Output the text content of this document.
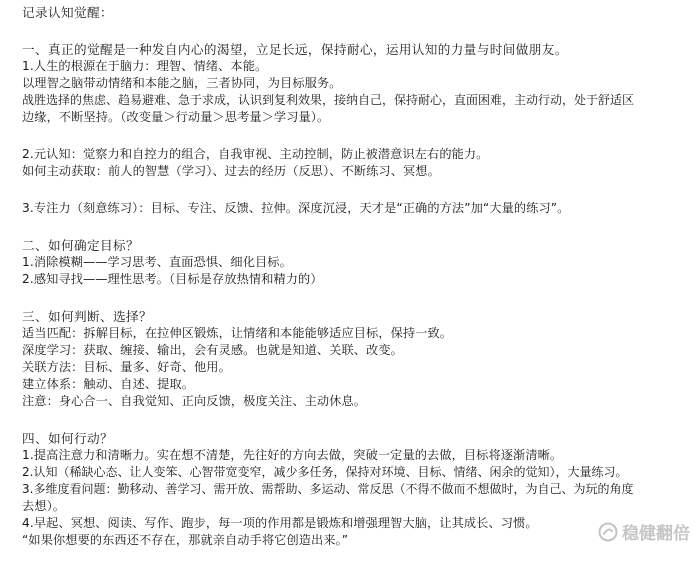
记录认知觉醒：
一、真正的觉醒是一种发自内心的渴望，立足长远，保持耐心，运用认知的力量与时间做朋友。
1.人生的根源在于脑力：理智、情绪、本能。
以理智之脑带动情绪和本能之脑，三者协同，为目标服务。
战胜选择的焦虑、趋易避难、急于求成，认识到复利效果，接纳自己，保持耐心，直面困难，主动行动，处于舒适区
边缘，不断坚持。（改变量＞行动量＞思考量＞学习量）。
2.元认知：觉察力和自控力的组合，自我审视、主动控制，防止被潜意识左右的能力。
如何主动获取：前人的智慧（学习）、过去的经历（反思）、不断练习、冥想。
3.专注力（刻意练习）：目标、专注、反馈、拉伸。深度沉浸，天才是“正确的方法”加“大量的练习”。
二、如何确定目标？
1.消除模糊——学习思考、直面恐惧、细化目标。
2.感知寻找——理性思考。（目标是存放热情和精力的）
三、如何判断、选择？
适当匹配：拆解目标，在拉伸区锻炼，让情绪和本能能够适应目标，保持一致。
深度学习：获取、缠接、输出，会有灵感。也就是知道、关联、改变。
关联方法：目标、量多、好奇、他用。
建立体系：触动、自述、提取。
注意：身心合一、自我觉知、正向反馈，极度关注、主动休息。
四、如何行动？
1.提高注意力和清晰力。实在想不清楚，先往好的方向去做，突破一定量的去做，目标将逐渐清晰。
2.认知（稀缺心态、让人变笨、心智带宽变窄，减少多任务，保持对环境、目标、情绪、闲余的觉知），大量练习。
3.多维度看问题：勤移动、善学习、需开放、需帮助、多运动、常反思（不得不做而不想做时，为自己、为玩的角度
去想）。
4.早起、冥想、阅读、写作、跑步，每一项的作用都是锻炼和增强理智大脑，让其成长、习惯。
“如果你想要的东西还不存在，那就亲自动手将它创造出来。”	稳健翻倍
